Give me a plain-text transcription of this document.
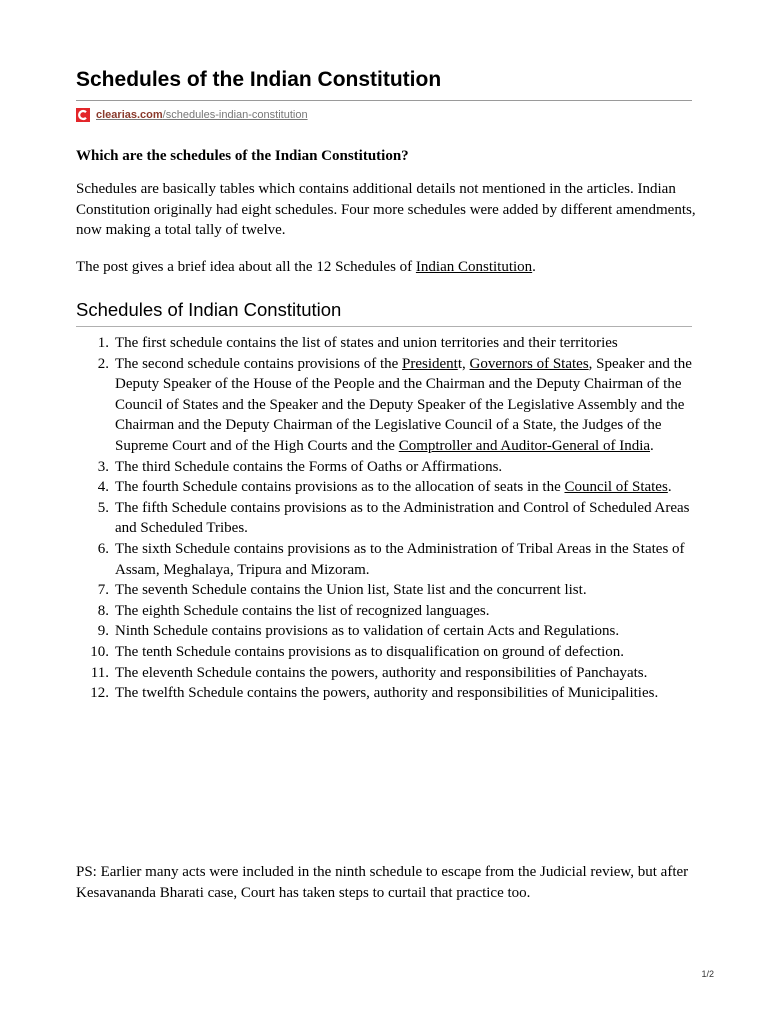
Schedules of the Indian Constitution
clearias.com/schedules-indian-constitution
Which are the schedules of the Indian Constitution?

Schedules are basically tables which contains additional details not mentioned in the articles. Indian Constitution originally had eight schedules. Four more schedules were added by different amendments, now making a total tally of twelve.

The post gives a brief idea about all the 12 Schedules of Indian Constitution.

Schedules of Indian Constitution
1. The first schedule contains the list of states and union territories and their territories
2. The second schedule contains provisions of the Presidentt, Governors of States, Speaker and the Deputy Speaker of the House of the People and the Chairman and the Deputy Chairman of the Council of States and the Speaker and the Deputy Speaker of the Legislative Assembly and the Chairman and the Deputy Chairman of the Legislative Council of a State, the Judges of the Supreme Court and of the High Courts and the Comptroller and Auditor-General of India.
3. The third Schedule contains the Forms of Oaths or Affirmations.
4. The fourth Schedule contains provisions as to the allocation of seats in the Council of States.
5. The fifth Schedule contains provisions as to the Administration and Control of Scheduled Areas and Scheduled Tribes.
6. The sixth Schedule contains provisions as to the Administration of Tribal Areas in the States of Assam, Meghalaya, Tripura and Mizoram.
7. The seventh Schedule contains the Union list, State list and the concurrent list.
8. The eighth Schedule contains the list of recognized languages.
9. Ninth Schedule contains provisions as to validation of certain Acts and Regulations.
10. The tenth Schedule contains provisions as to disqualification on ground of defection.
11. The eleventh Schedule contains the powers, authority and responsibilities of Panchayats.
12. The twelfth Schedule contains the powers, authority and responsibilities of Municipalities.

PS: Earlier many acts were included in the ninth schedule to escape from the Judicial review, but after Kesavananda Bharati case, Court has taken steps to curtail that practice too.

1/2
